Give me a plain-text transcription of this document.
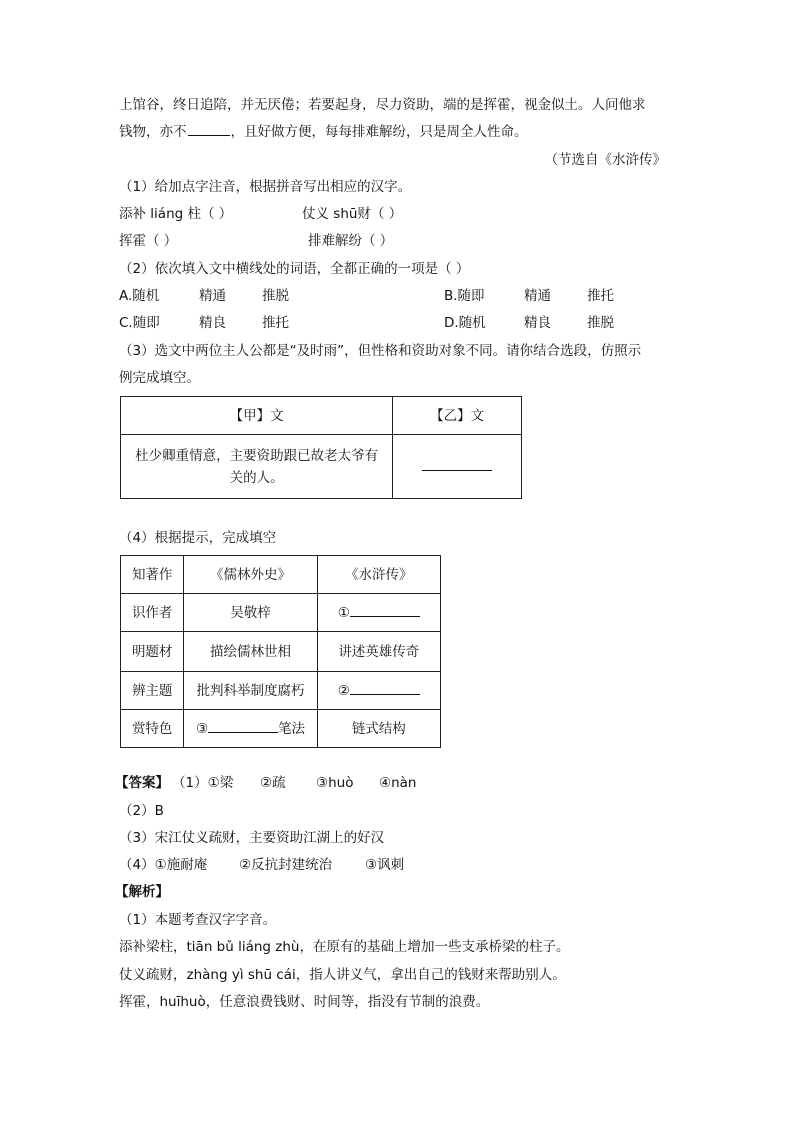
上馆谷，终日追陪，并无厌倦；若要起身，尽力资助，端的是挥霍，视金似土。人问他求
钱物，亦不	，且好做方便，每每排难解纷，只是周全人性命。
（节选自《水浒传》
（1）给加点字注音，根据拼音写出相应的汉字。
添补 liáng 柱（ ）	仗义 shū财（ ）
挥霍（ ）	排难解纷（ ）
（2）依次填入文中横线处的词语，全都正确的一项是（ ）
A.随机	精通	推脱	B.随即	精通	推托
C.随即	精良	推托	D.随机	精良	推脱
（3）选文中两位主人公都是“及时雨”，但性格和资助对象不同。请你结合选段，仿照示
例完成填空。
【甲】文	【乙】文

杜少卿重情意，主要资助跟已故老太爷有
关的人。	

（4）根据提示，完成填空
知著作	《儒林外史》	《水浒传》
识作者	吴敬梓	①
明题材	描绘儒林世相	讲述英雄传奇
辨主题	批判科举制度腐朽	②
赏特色	③ 笔法	链式结构
【答案】 （1）①梁 ②疏 ③huò ④nàn
（2）B
（3）宋江仗义疏财，主要资助江湖上的好汉
（4）①施耐庵 ②反抗封建统治 ③讽刺
【解析】
（1）本题考查汉字字音。
添补梁柱，tiān bǔ liáng zhù，在原有的基础上增加一些支承桥梁的柱子。
仗义疏财，zhàng yì shū cái，指人讲义气，拿出自己的钱财来帮助别人。
挥霍，huīhuò，任意浪费钱财、时间等，指没有节制的浪费。
